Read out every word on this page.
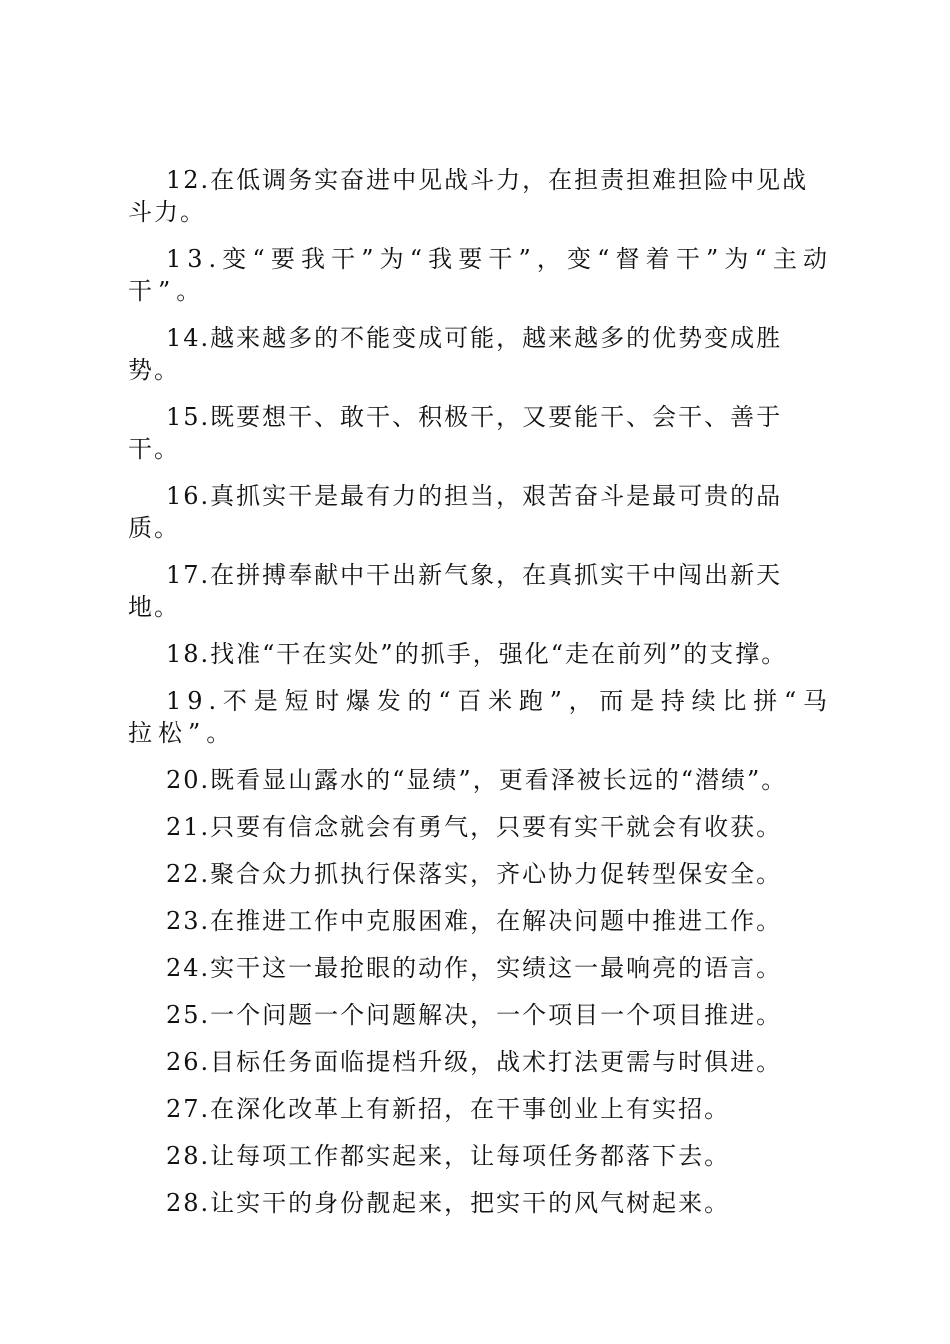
12.在低调务实奋进中见战斗力，在担责担难担险中见战斗力。

13.变“要我干”为“我要干”，变“督着干”为“主动干”。

14.越来越多的不能变成可能，越来越多的优势变成胜势。

15.既要想干、敢干、积极干，又要能干、会干、善于干。

16.真抓实干是最有力的担当，艰苦奋斗是最可贵的品质。

17.在拼搏奉献中干出新气象，在真抓实干中闯出新天地。

18.找准“干在实处”的抓手，强化“走在前列”的支撑。

19.不是短时爆发的“百米跑”，而是持续比拼“马拉松”。

20.既看显山露水的“显绩”，更看泽被长远的“潜绩”。

21.只要有信念就会有勇气，只要有实干就会有收获。

22.聚合众力抓执行保落实，齐心协力促转型保安全。

23.在推进工作中克服困难，在解决问题中推进工作。

24.实干这一最抢眼的动作，实绩这一最响亮的语言。

25.一个问题一个问题解决，一个项目一个项目推进。

26.目标任务面临提档升级，战术打法更需与时俱进。

27.在深化改革上有新招，在干事创业上有实招。

28.让每项工作都实起来，让每项任务都落下去。

28.让实干的身份靓起来，把实干的风气树起来。
